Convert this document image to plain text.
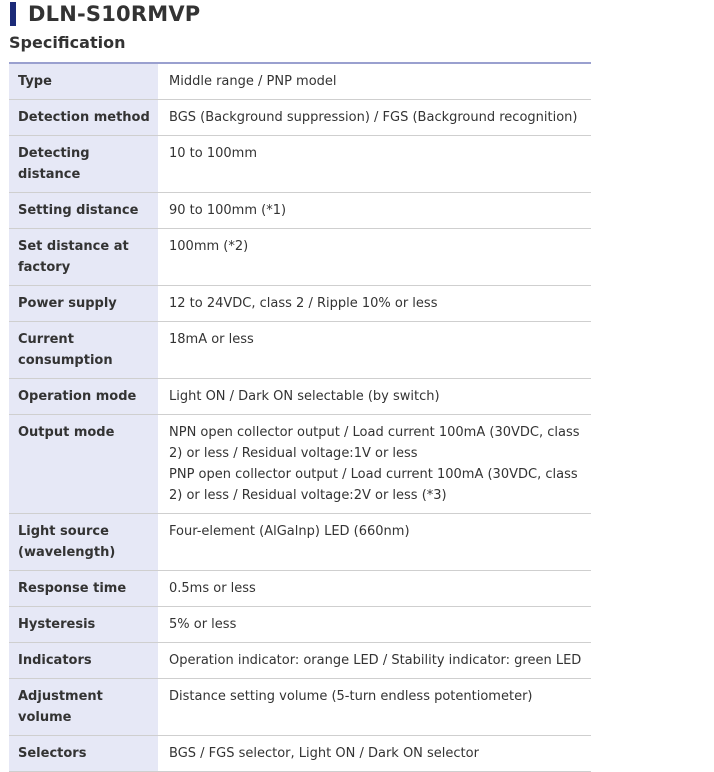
DLN-S10RMVP
Specification
Type	Middle range / PNP model

Detection method	BGS (Background suppression) / FGS (Background recognition)

Detecting distance	10 to 100mm

Setting distance	90 to 100mm (*1)

Set distance at factory	100mm (*2)

Power supply	12 to 24VDC, class 2 / Ripple 10% or less

Current consumption	18mA or less

Operation mode	Light ON / Dark ON selectable (by switch)

Output mode	NPN open collector output / Load current 100mA (30VDC, class 2) or less / Residual voltage:1V or less
PNP open collector output / Load current 100mA (30VDC, class 2) or less / Residual voltage:2V or less (*3)

Light source (wavelength)	Four-element (AlGalnp) LED (660nm)

Response time	0.5ms or less

Hysteresis	5% or less

Indicators	Operation indicator: orange LED / Stability indicator: green LED

Adjustment volume	Distance setting volume (5-turn endless potentiometer)

Selectors	BGS / FGS selector, Light ON / Dark ON selector
